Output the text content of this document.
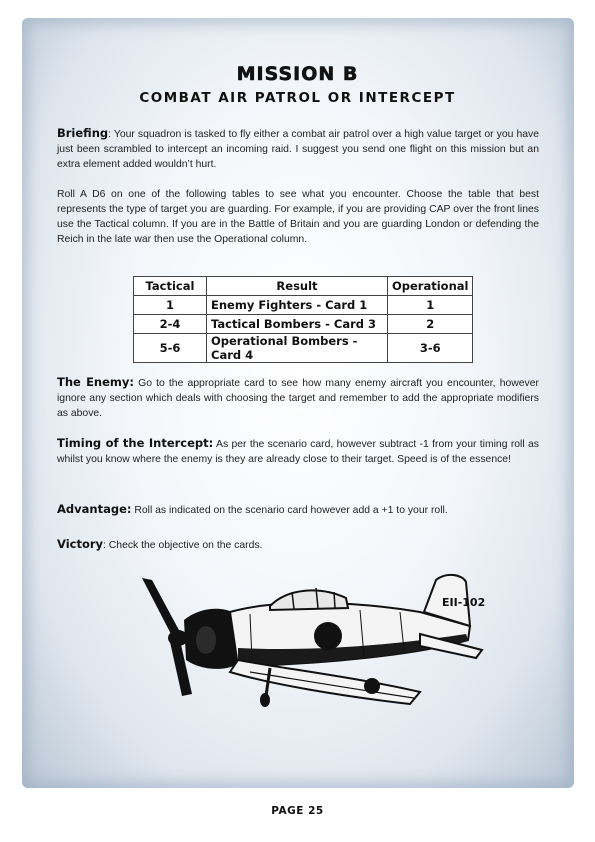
MISSION B
COMBAT AIR PATROL OR INTERCEPT
Briefing: Your squadron is tasked to fly either a combat air patrol over a high value target or you have just been scrambled to intercept an incoming raid. I suggest you send one flight on this mission but an extra element added wouldn’t hurt.
Roll A D6 on one of the following tables to see what you encounter. Choose the table that best represents the type of target you are guarding. For example, if you are providing CAP over the front lines use the Tactical column. If you are in the Battle of Britain and you are guarding London or defending the Reich in the late war then use the Operational column.
Tactical	Result	Operational
1	Enemy Fighters - Card 1	1
2-4	Tactical Bombers - Card 3	2
5-6	Operational Bombers - Card 4	3-6
The Enemy: Go to the appropriate card to see how many enemy aircraft you encounter, however ignore any section which deals with choosing the target and remember to add the appropriate modifiers as above.
Timing of the Intercept: As per the scenario card, however subtract -1 from your timing roll as whilst you know where the enemy is they are already close to their target. Speed is of the essence!
Advantage: Roll as indicated on the scenario card however add a +1 to your roll.
Victory: Check the objective on the cards.
EII-102
PAGE 25
